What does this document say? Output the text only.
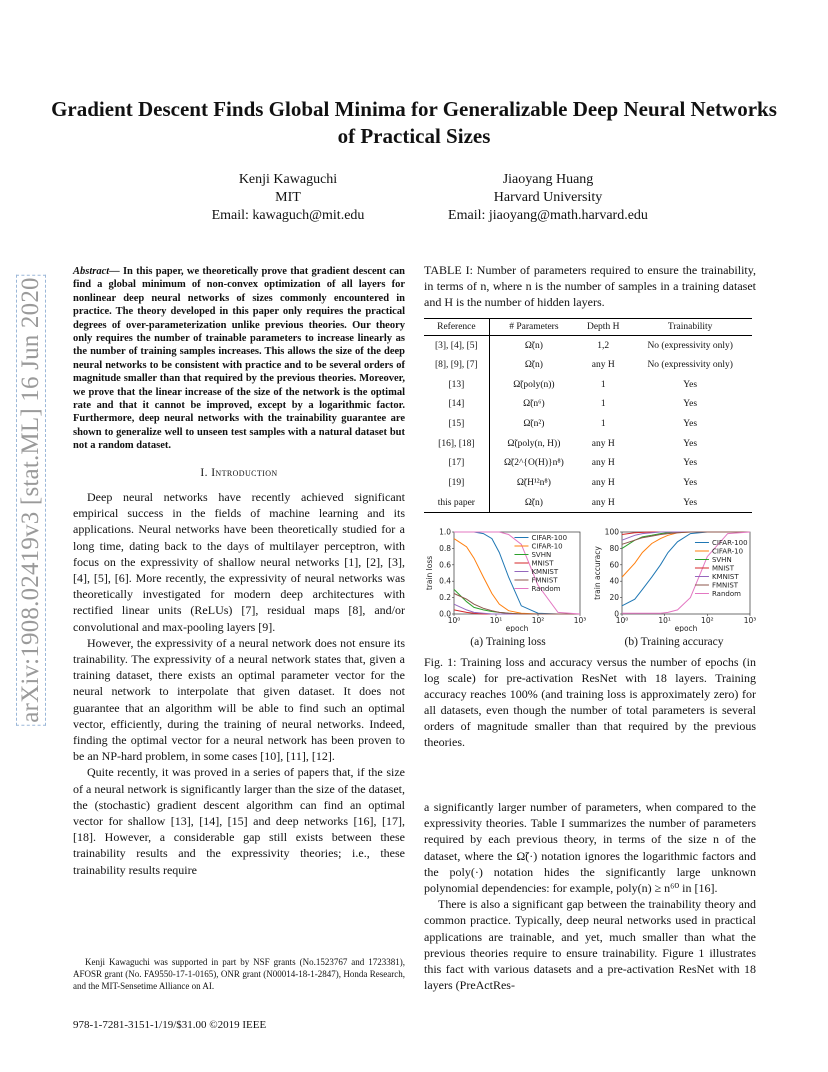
arXiv:1908.02419v3 [stat.ML] 16 Jun 2020
Gradient Descent Finds Global Minima for Generalizable Deep Neural Networks of Practical Sizes
Kenji Kawaguchi
MIT
Email: kawaguch@mit.edu
Jiaoyang Huang
Harvard University
Email: jiaoyang@math.harvard.edu
Abstract— In this paper, we theoretically prove that gradient descent can find a global minimum of non-convex optimization of all layers for nonlinear deep neural networks of sizes commonly encountered in practice. The theory developed in this paper only requires the practical degrees of over-parameterization unlike previous theories. Our theory only requires the number of trainable parameters to increase linearly as the number of training samples increases. This allows the size of the deep neural networks to be consistent with practice and to be several orders of magnitude smaller than that required by the previous theories. Moreover, we prove that the linear increase of the size of the network is the optimal rate and that it cannot be improved, except by a logarithmic factor. Furthermore, deep neural networks with the trainability guarantee are shown to generalize well to unseen test samples with a natural dataset but not a random dataset.
I. Introduction

Deep neural networks have recently achieved significant empirical success in the fields of machine learning and its applications. Neural networks have been theoretically studied for a long time, dating back to the days of multilayer perceptron, with focus on the expressivity of shallow neural networks [1], [2], [3], [4], [5], [6]. More recently, the expressivity of neural networks was theoretically investigated for modern deep architectures with rectified linear units (ReLUs) [7], residual maps [8], and/or convolutional and max-pooling layers [9].

However, the expressivity of a neural network does not ensure its trainability. The expressivity of a neural network states that, given a training dataset, there exists an optimal parameter vector for the neural network to interpolate that given dataset. It does not guarantee that an algorithm will be able to find such an optimal vector, efficiently, during the training of neural networks. Indeed, finding the optimal vector for a neural network has been proven to be an NP-hard problem, in some cases [10], [11], [12].

Quite recently, it was proved in a series of papers that, if the size of a neural network is significantly larger than the size of the dataset, the (stochastic) gradient descent algorithm can find an optimal vector for shallow [13], [14], [15] and deep networks [16], [17], [18]. However, a considerable gap still exists between these trainability results and the expressivity theories; i.e., these trainability results require

Kenji Kawaguchi was supported in part by NSF grants (No.1523767 and 1723381), AFOSR grant (No. FA9550-17-1-0165), ONR grant (N00014-18-1-2847), Honda Research, and the MIT-Sensetime Alliance on AI.
978-1-7281-3151-1/19/$31.00 ©2019 IEEE
TABLE I: Number of parameters required to ensure the trainability, in terms of n, where n is the number of samples in a training dataset and H is the number of hidden layers.
Reference	# Parameters	Depth H	Trainability
[3], [4], [5]	Ω̃(n)	1,2	No (expressivity only)
[8], [9], [7]	Ω̃(n)	any H	No (expressivity only)
[13]	Ω̃(poly(n))	1	Yes
[14]	Ω̃(n⁶)	1	Yes
[15]	Ω̃(n²)	1	Yes
[16], [18]	Ω̃(poly(n, H))	any H	Yes
[17]	Ω̃(2^{O(H)}n⁸)	any H	Yes
[19]	Ω̃(H¹²n⁸)	any H	Yes
this paper	Ω̃(n)	any H	Yes
0.0
0.2
0.4
0.6
0.8
1.0
10⁰	10¹	10²	10³
epoch
train loss
CIFAR-100
CIFAR-10
SVHN
MNIST
KMNIST
FMNIST
Random
0
20
40
60
80
100
10⁰	10¹	10²	10³
epoch
train accuracy
CIFAR-100
CIFAR-10
SVHN
MNIST
KMNIST
FMNIST
Random
(a) Training loss	(b) Training accuracy
Fig. 1: Training loss and accuracy versus the number of epochs (in log scale) for pre-activation ResNet with 18 layers. Training accuracy reaches 100% (and training loss is approximately zero) for all datasets, even though the number of total parameters is several orders of magnitude smaller than that required by the previous theories.

a significantly larger number of parameters, when compared to the expressivity theories. Table I summarizes the number of parameters required by each previous theory, in terms of the size n of the dataset, where the Ω̃(·) notation ignores the logarithmic factors and the poly(·) notation hides the significantly large unknown polynomial dependencies: for example, poly(n) ≥ n⁶⁰ in [16].

There is also a significant gap between the trainability theory and common practice. Typically, deep neural networks used in practical applications are trainable, and yet, much smaller than what the previous theories require to ensure trainability. Figure 1 illustrates this fact with various datasets and a pre-activation ResNet with 18 layers (PreActRes-
